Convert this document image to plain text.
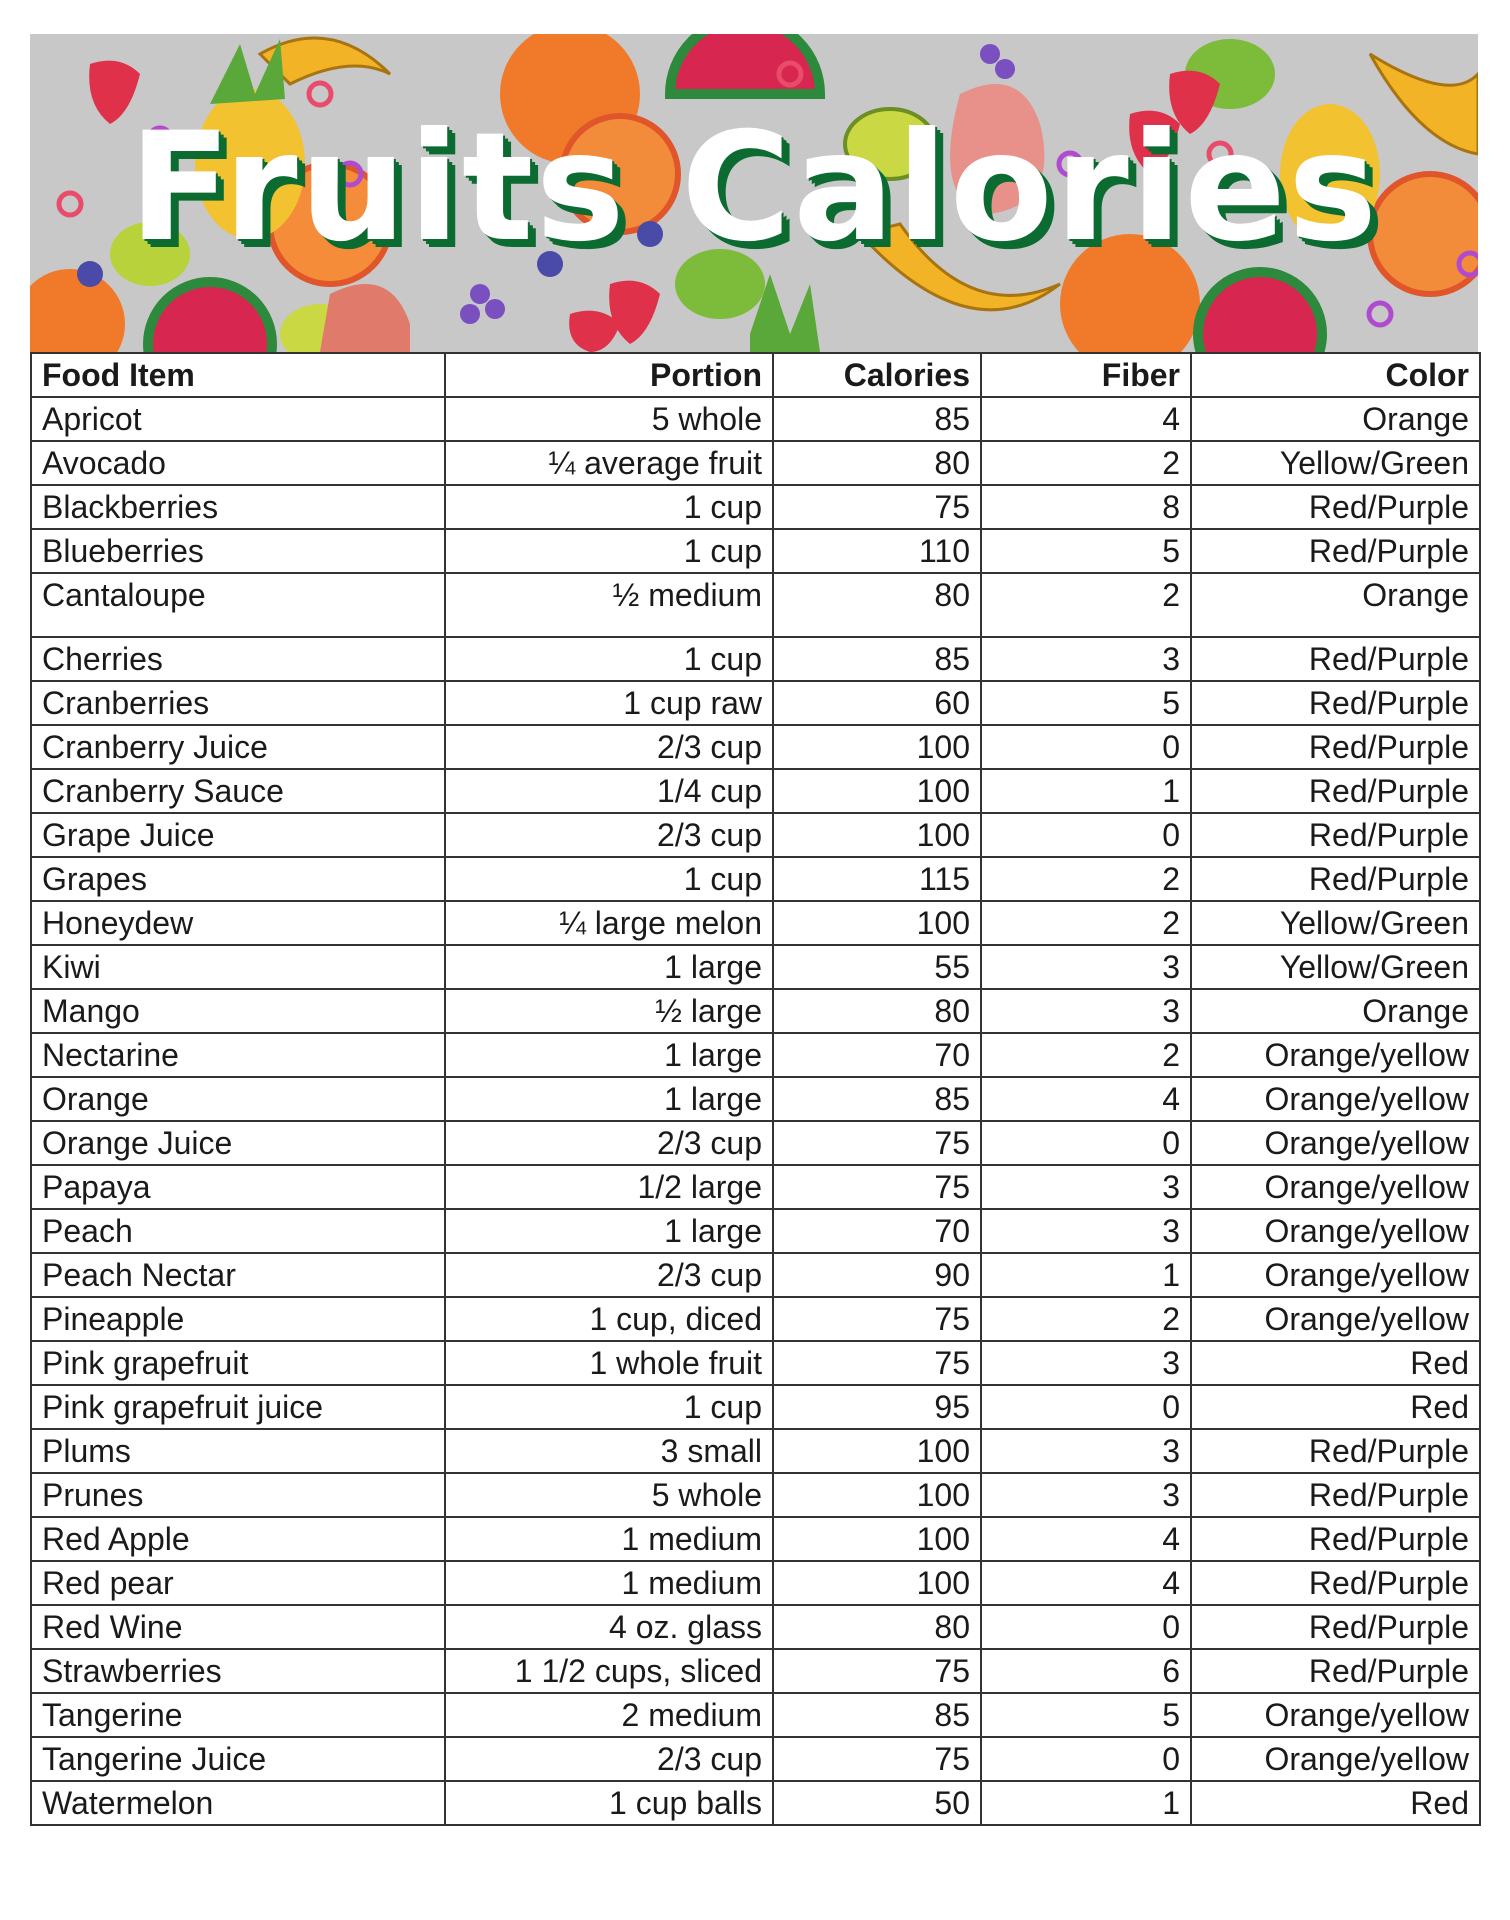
Fruits Calories
Food Item	Portion	Calories	Fiber	Color
Apricot	5 whole	85	4	Orange
Avocado	¼ average fruit	80	2	Yellow/Green
Blackberries	1 cup	75	8	Red/Purple
Blueberries	1 cup	110	5	Red/Purple
Cantaloupe	½ medium	80	2	Orange
Cherries	1 cup	85	3	Red/Purple
Cranberries	1 cup raw	60	5	Red/Purple
Cranberry Juice	2/3 cup	100	0	Red/Purple
Cranberry Sauce	1/4 cup	100	1	Red/Purple
Grape Juice	2/3 cup	100	0	Red/Purple
Grapes	1 cup	115	2	Red/Purple
Honeydew	¼ large melon	100	2	Yellow/Green
Kiwi	1 large	55	3	Yellow/Green
Mango	½ large	80	3	Orange
Nectarine	1 large	70	2	Orange/yellow
Orange	1 large	85	4	Orange/yellow
Orange Juice	2/3 cup	75	0	Orange/yellow
Papaya	1/2 large	75	3	Orange/yellow
Peach	1 large	70	3	Orange/yellow
Peach Nectar	2/3 cup	90	1	Orange/yellow
Pineapple	1 cup, diced	75	2	Orange/yellow
Pink grapefruit	1 whole fruit	75	3	Red
Pink grapefruit juice	1 cup	95	0	Red
Plums	3 small	100	3	Red/Purple
Prunes	5 whole	100	3	Red/Purple
Red Apple	1 medium	100	4	Red/Purple
Red pear	1 medium	100	4	Red/Purple
Red Wine	4 oz. glass	80	0	Red/Purple
Strawberries	1 1/2 cups, sliced	75	6	Red/Purple
Tangerine	2 medium	85	5	Orange/yellow
Tangerine Juice	2/3 cup	75	0	Orange/yellow
Watermelon	1 cup balls	50	1	Red
